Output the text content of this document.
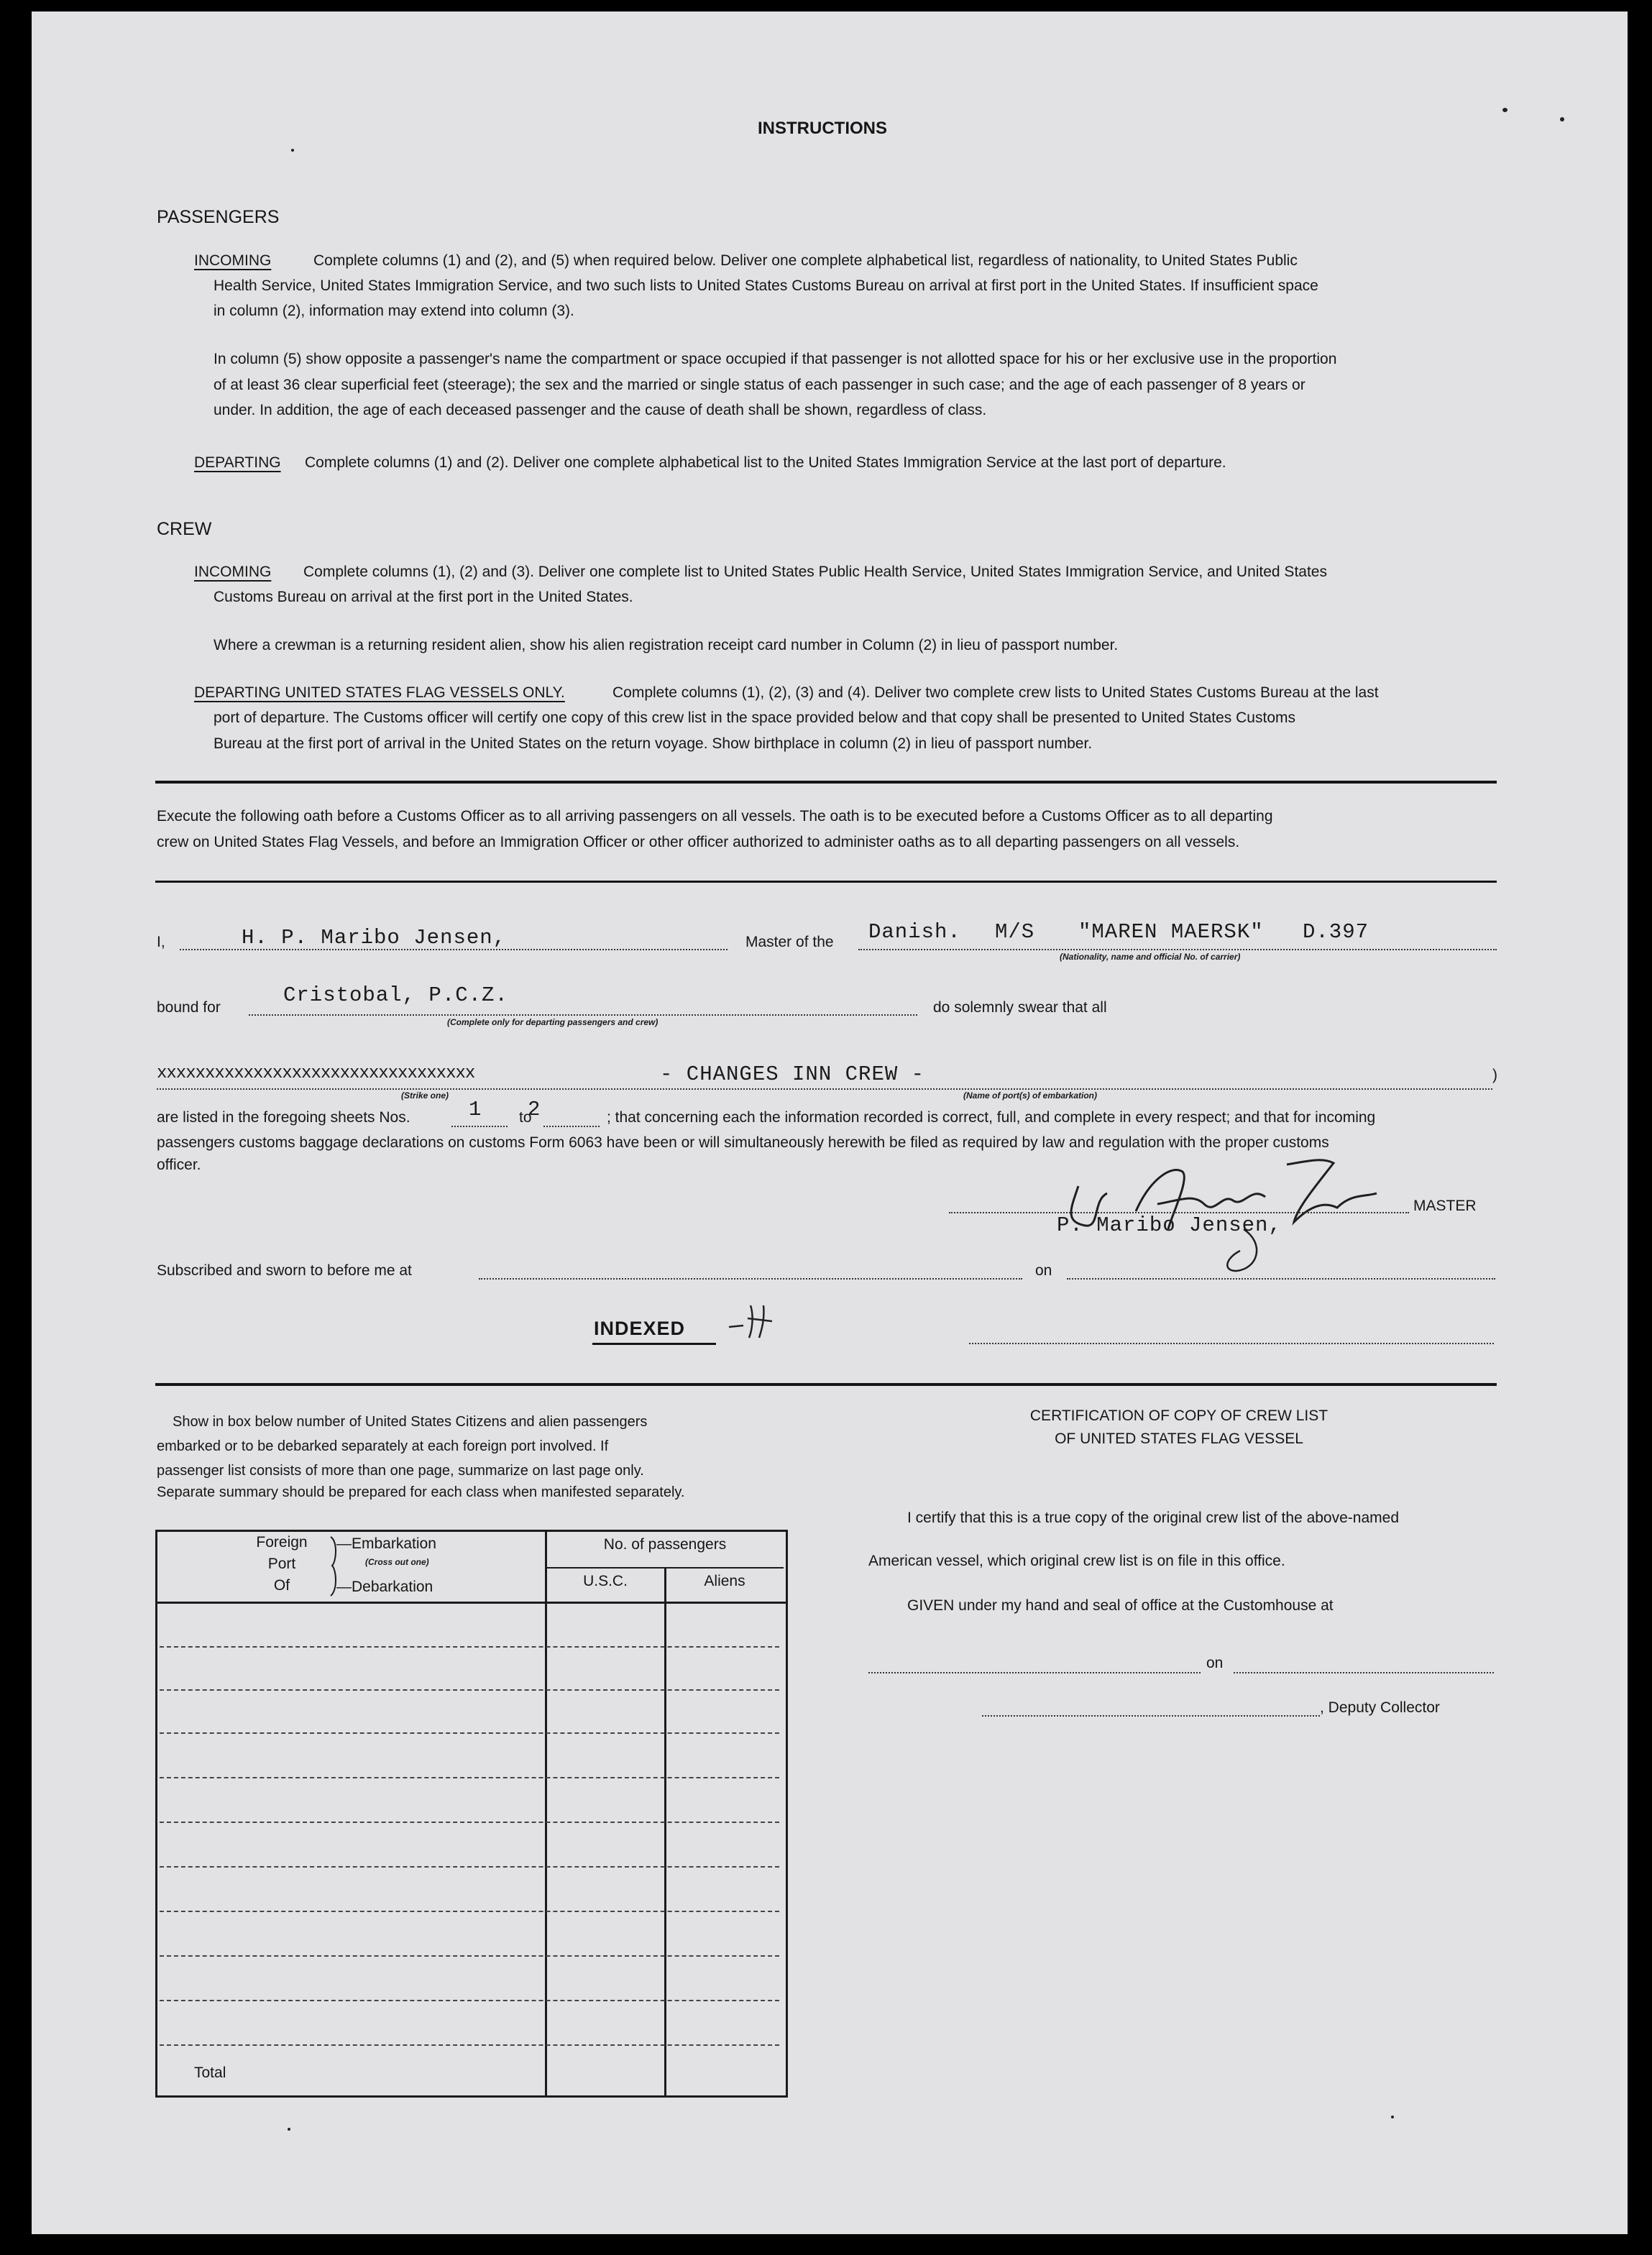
INSTRUCTIONS
PASSENGERS
INCOMING	Complete columns (1) and (2), and (5) when required below. Deliver one complete alphabetical list, regardless of nationality, to United States Public
Health Service, United States Immigration Service, and two such lists to United States Customs Bureau on arrival at first port in the United States. If insufficient space
in column (2), information may extend into column (3).
In column (5) show opposite a passenger's name the compartment or space occupied if that passenger is not allotted space for his or her exclusive use in the proportion
of at least 36 clear superficial feet (steerage); the sex and the married or single status of each passenger in such case; and the age of each passenger of 8 years or
under. In addition, the age of each deceased passenger and the cause of death shall be shown, regardless of class.
DEPARTING Complete columns (1) and (2). Deliver one complete alphabetical list to the United States Immigration Service at the last port of departure.
CREW
INCOMING Complete columns (1), (2) and (3). Deliver one complete list to United States Public Health Service, United States Immigration Service, and United States
Customs Bureau on arrival at the first port in the United States.
Where a crewman is a returning resident alien, show his alien registration receipt card number in Column (2) in lieu of passport number.
DEPARTING UNITED STATES FLAG VESSELS ONLY.	Complete columns (1), (2), (3) and (4). Deliver two complete crew lists to United States Customs Bureau at the last
port of departure. The Customs officer will certify one copy of this crew list in the space provided below and that copy shall be presented to United States Customs
Bureau at the first port of arrival in the United States on the return voyage. Show birthplace in column (2) in lieu of passport number.
Execute the following oath before a Customs Officer as to all arriving passengers on all vessels. The oath is to be executed before a Customs Officer as to all departing
crew on United States Flag Vessels, and before an Immigration Officer or other officer authorized to administer oaths as to all departing passengers on all vessels.
I,	H. P. Maribo Jensen,	Master of the Danish. M/S "MAREN MAERSK" D.397
(Nationality, name and official No. of carrier)
bound for
Cristobal, P.C.Z.
(Complete only for departing passengers and crew)
do solemnly swear that all
xxxxxxxxxxxxxxxxxxxxxxxxxxxxxxxxx	- CHANGES INN CREW -	)
(Strike one)	(Name of port(s) of embarkation)
are listed in the foregoing sheets Nos.	1 to
2	; that concerning each the information recorded is correct, full, and complete in every respect; and that for incoming
passengers customs baggage declarations on customs Form 6063 have been or will simultaneously herewith be filed as required by law and regulation with the proper customs
officer.
MASTER
P. Maribo Jensen,
Subscribed and sworn to before me at	on
INDEXED
Show in box below number of United States Citizens and alien passengers
embarked or to be debarked separately at each foreign port involved. If
passenger list consists of more than one page, summarize on last page only.
Separate summary should be prepared for each class when manifested separately.
Foreign
Port
Of
—Embarkation
(Cross out one)
—Debarkation
No. of passengers
U.S.C.	Aliens
Total
CERTIFICATION OF COPY OF CREW LIST
OF UNITED STATES FLAG VESSEL
I certify that this is a true copy of the original crew list of the above-named
American vessel, which original crew list is on file in this office.
GIVEN under my hand and seal of office at the Customhouse at
on
, Deputy Collector
